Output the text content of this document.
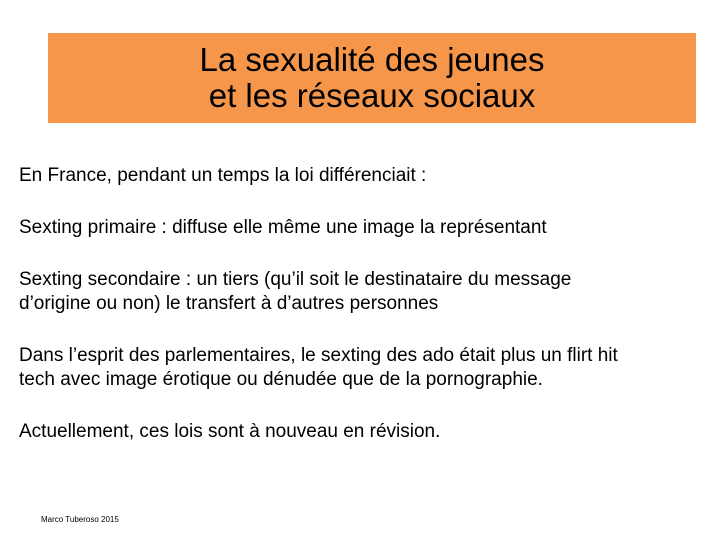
La sexualité des jeunes
et les réseaux sociaux

En France, pendant un temps la loi différenciait :

Sexting primaire : diffuse elle même une image la représentant

Sexting secondaire : un tiers (qu’il soit le destinataire du message
d’origine ou non) le transfert à d’autres personnes

Dans l’esprit des parlementaires, le sexting des ado était plus un flirt hit
tech avec image érotique ou dénudée que de la pornographie.

Actuellement, ces lois sont à nouveau en révision.

Marco Tuberoso 2015
